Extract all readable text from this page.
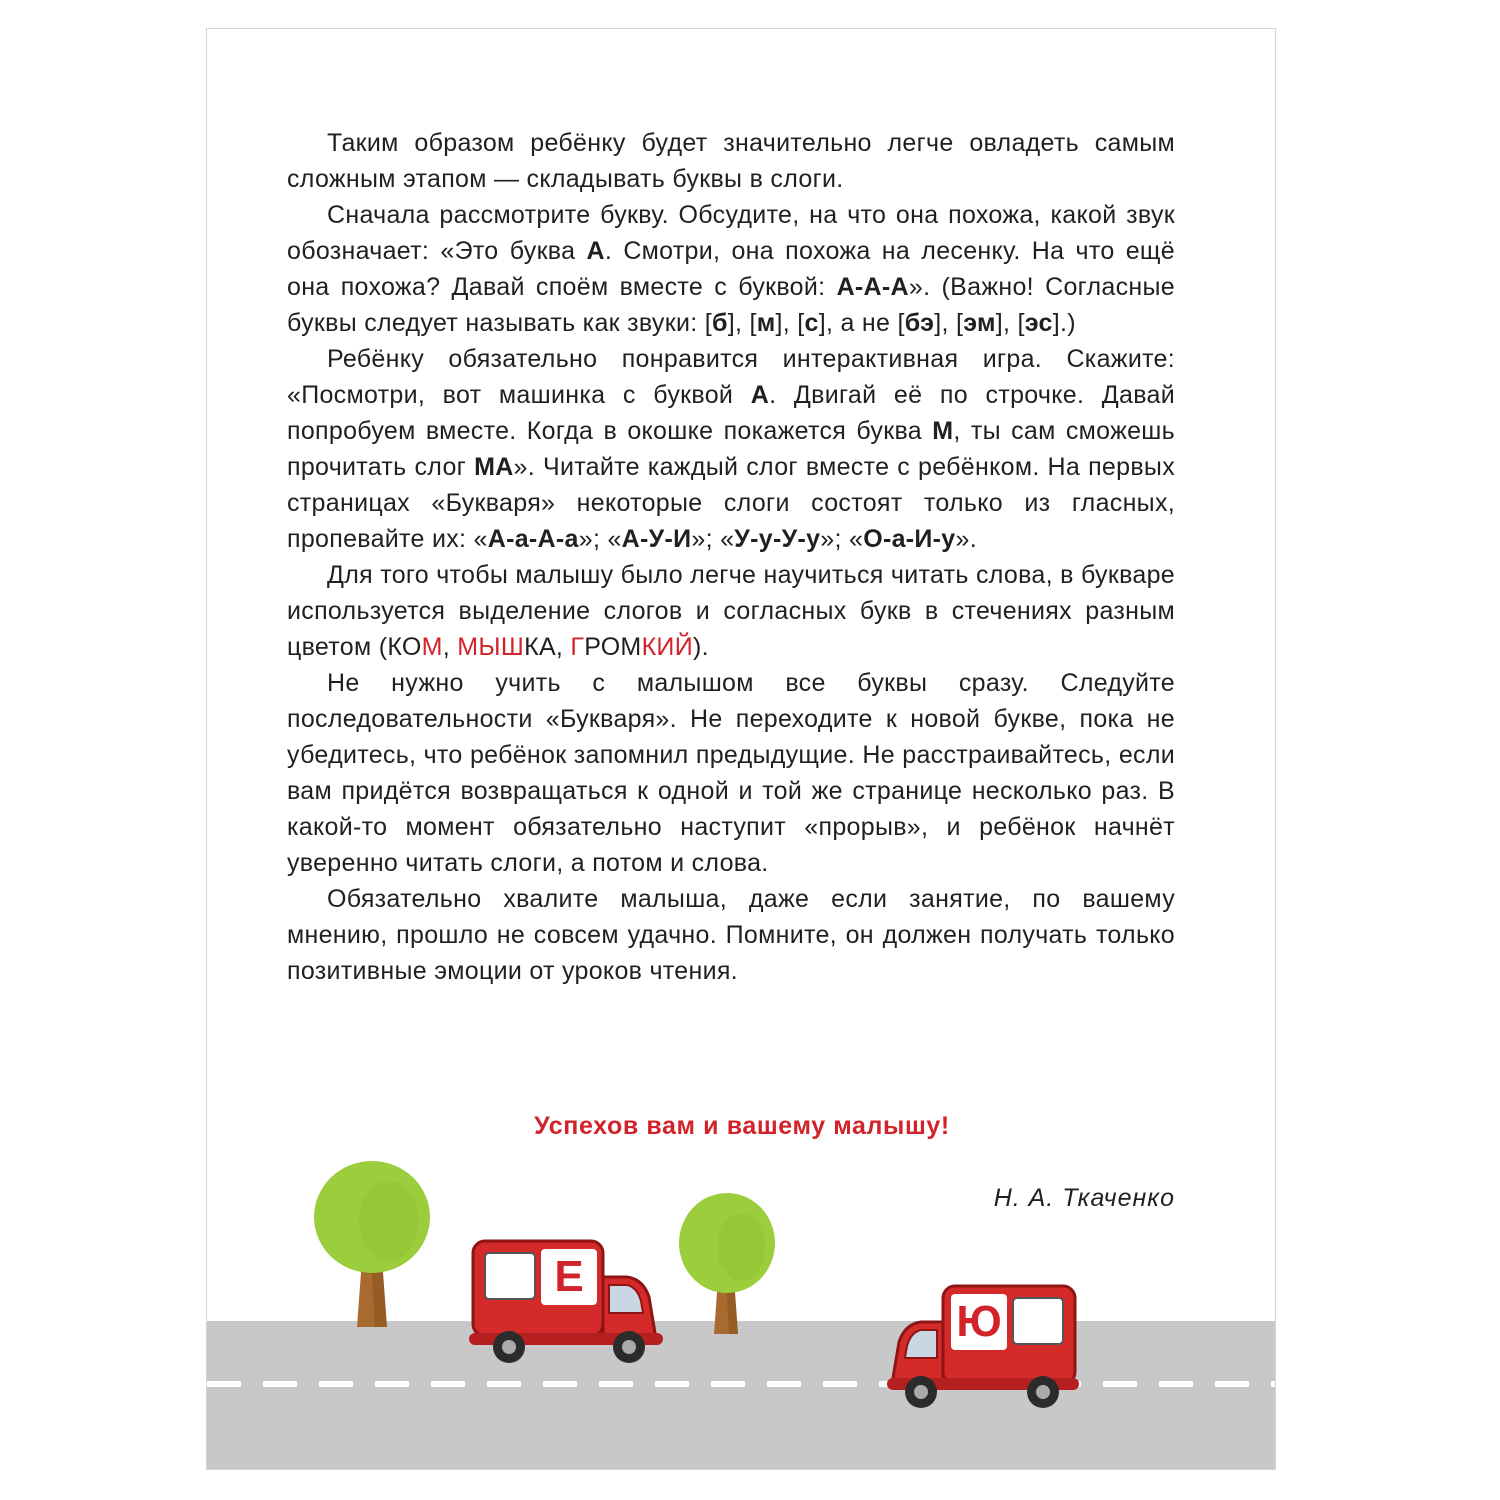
Таким образом ребёнку будет значительно легче овладеть самым сложным этапом — складывать буквы в слоги.

Сначала рассмотрите букву. Обсудите, на что она похожа, какой звук обозначает: «Это буква А. Смотри, она похожа на лесенку. На что ещё она похожа? Давай споём вместе с буквой: А-А-А». (Важно! Согласные буквы следует называть как звуки: [б], [м], [с], а не [бэ], [эм], [эс].)

Ребёнку обязательно понравится интерактивная игра. Скажите: «Посмотри, вот машинка с буквой А. Двигай её по строчке. Давай попробуем вместе. Когда в окошке покажется буква М, ты сам сможешь прочитать слог МА». Читайте каждый слог вместе с ребёнком. На первых страницах «Букваря» некоторые слоги состоят только из гласных, пропевайте их: «А-а-А-а»; «А-У-И»; «У-у-У-у»; «О-а-И-у».

Для того чтобы малышу было легче научиться читать слова, в букваре используется выделение слогов и согласных букв в стечениях разным цветом (КОМ, МЫШКА, ГРОМКИЙ).

Не нужно учить с малышом все буквы сразу. Следуйте последовательности «Букваря». Не переходите к новой букве, пока не убедитесь, что ребёнок запомнил предыдущие. Не расстраивайтесь, если вам придётся возвращаться к одной и той же странице несколько раз. В какой-то момент обязательно наступит «прорыв», и ребёнок начнёт уверенно читать слоги, а потом и слова.

Обязательно хвалите малыша, даже если занятие, по вашему мнению, прошло не совсем удачно. Помните, он должен получать только позитивные эмоции от уроков чтения.

Успехов вам и вашему малышу!
Н. А. Ткаченко
Е
Ю
